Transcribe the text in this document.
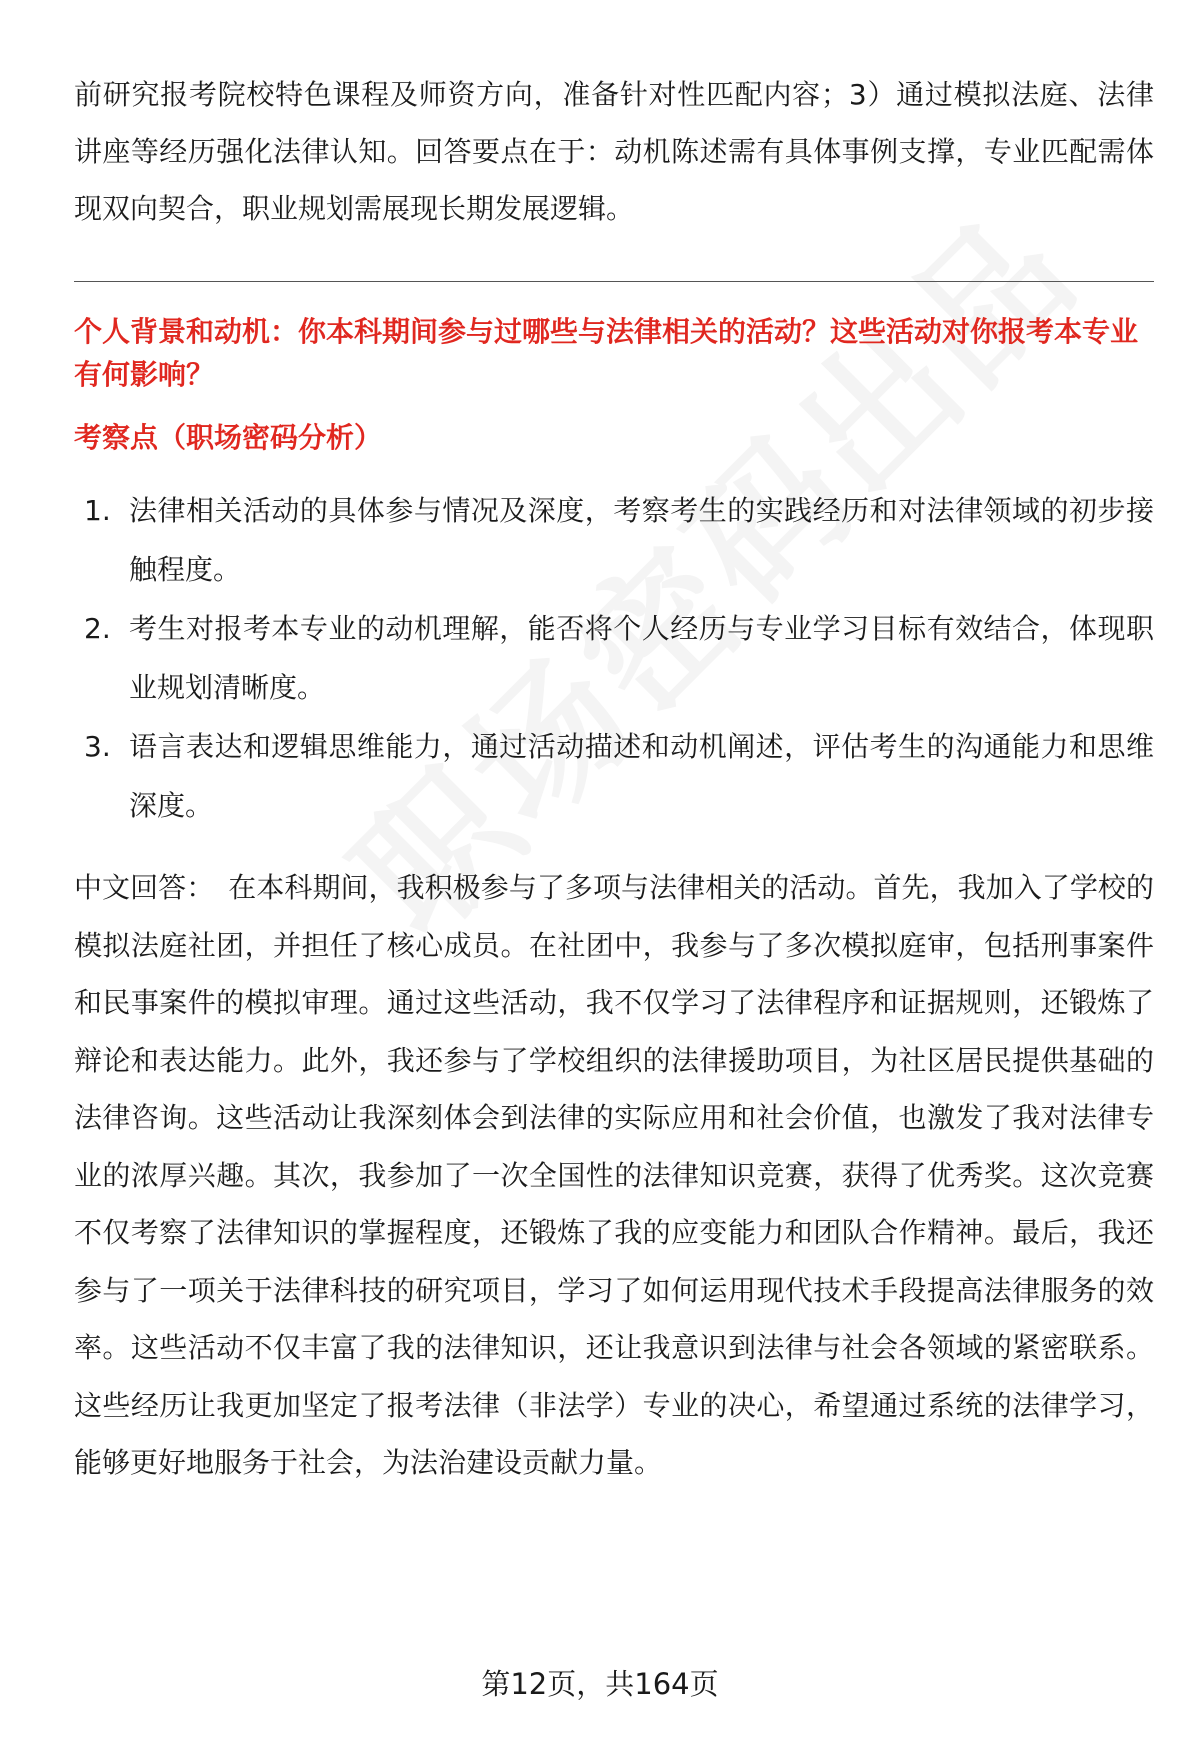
前研究报考院校特色课程及师资方向，准备针对性匹配内容；3）通过模拟法庭、法律讲座等经历强化法律认知。回答要点在于：动机陈述需有具体事例支撑，专业匹配需体现双向契合，职业规划需展现长期发展逻辑。

个人背景和动机：你本科期间参与过哪些与法律相关的活动？这些活动对你报考本专业有何影响？

考察点（职场密码分析）

1. 法律相关活动的具体参与情况及深度，考察考生的实践经历和对法律领域的初步接触程度。
2. 考生对报考本专业的动机理解，能否将个人经历与专业学习目标有效结合，体现职业规划清晰度。
3. 语言表达和逻辑思维能力，通过活动描述和动机阐述，评估考生的沟通能力和思维深度。

中文回答： 在本科期间，我积极参与了多项与法律相关的活动。首先，我加入了学校的模拟法庭社团，并担任了核心成员。在社团中，我参与了多次模拟庭审，包括刑事案件和民事案件的模拟审理。通过这些活动，我不仅学习了法律程序和证据规则，还锻炼了辩论和表达能力。此外，我还参与了学校组织的法律援助项目，为社区居民提供基础的法律咨询。这些活动让我深刻体会到法律的实际应用和社会价值，也激发了我对法律专业的浓厚兴趣。其次，我参加了一次全国性的法律知识竞赛，获得了优秀奖。这次竞赛不仅考察了法律知识的掌握程度，还锻炼了我的应变能力和团队合作精神。最后，我还参与了一项关于法律科技的研究项目，学习了如何运用现代技术手段提高法律服务的效率。这些活动不仅丰富了我的法律知识，还让我意识到法律与社会各领域的紧密联系。这些经历让我更加坚定了报考法律（非法学）专业的决心，希望通过系统的法律学习，能够更好地服务于社会，为法治建设贡献力量。

第12页，共164页
